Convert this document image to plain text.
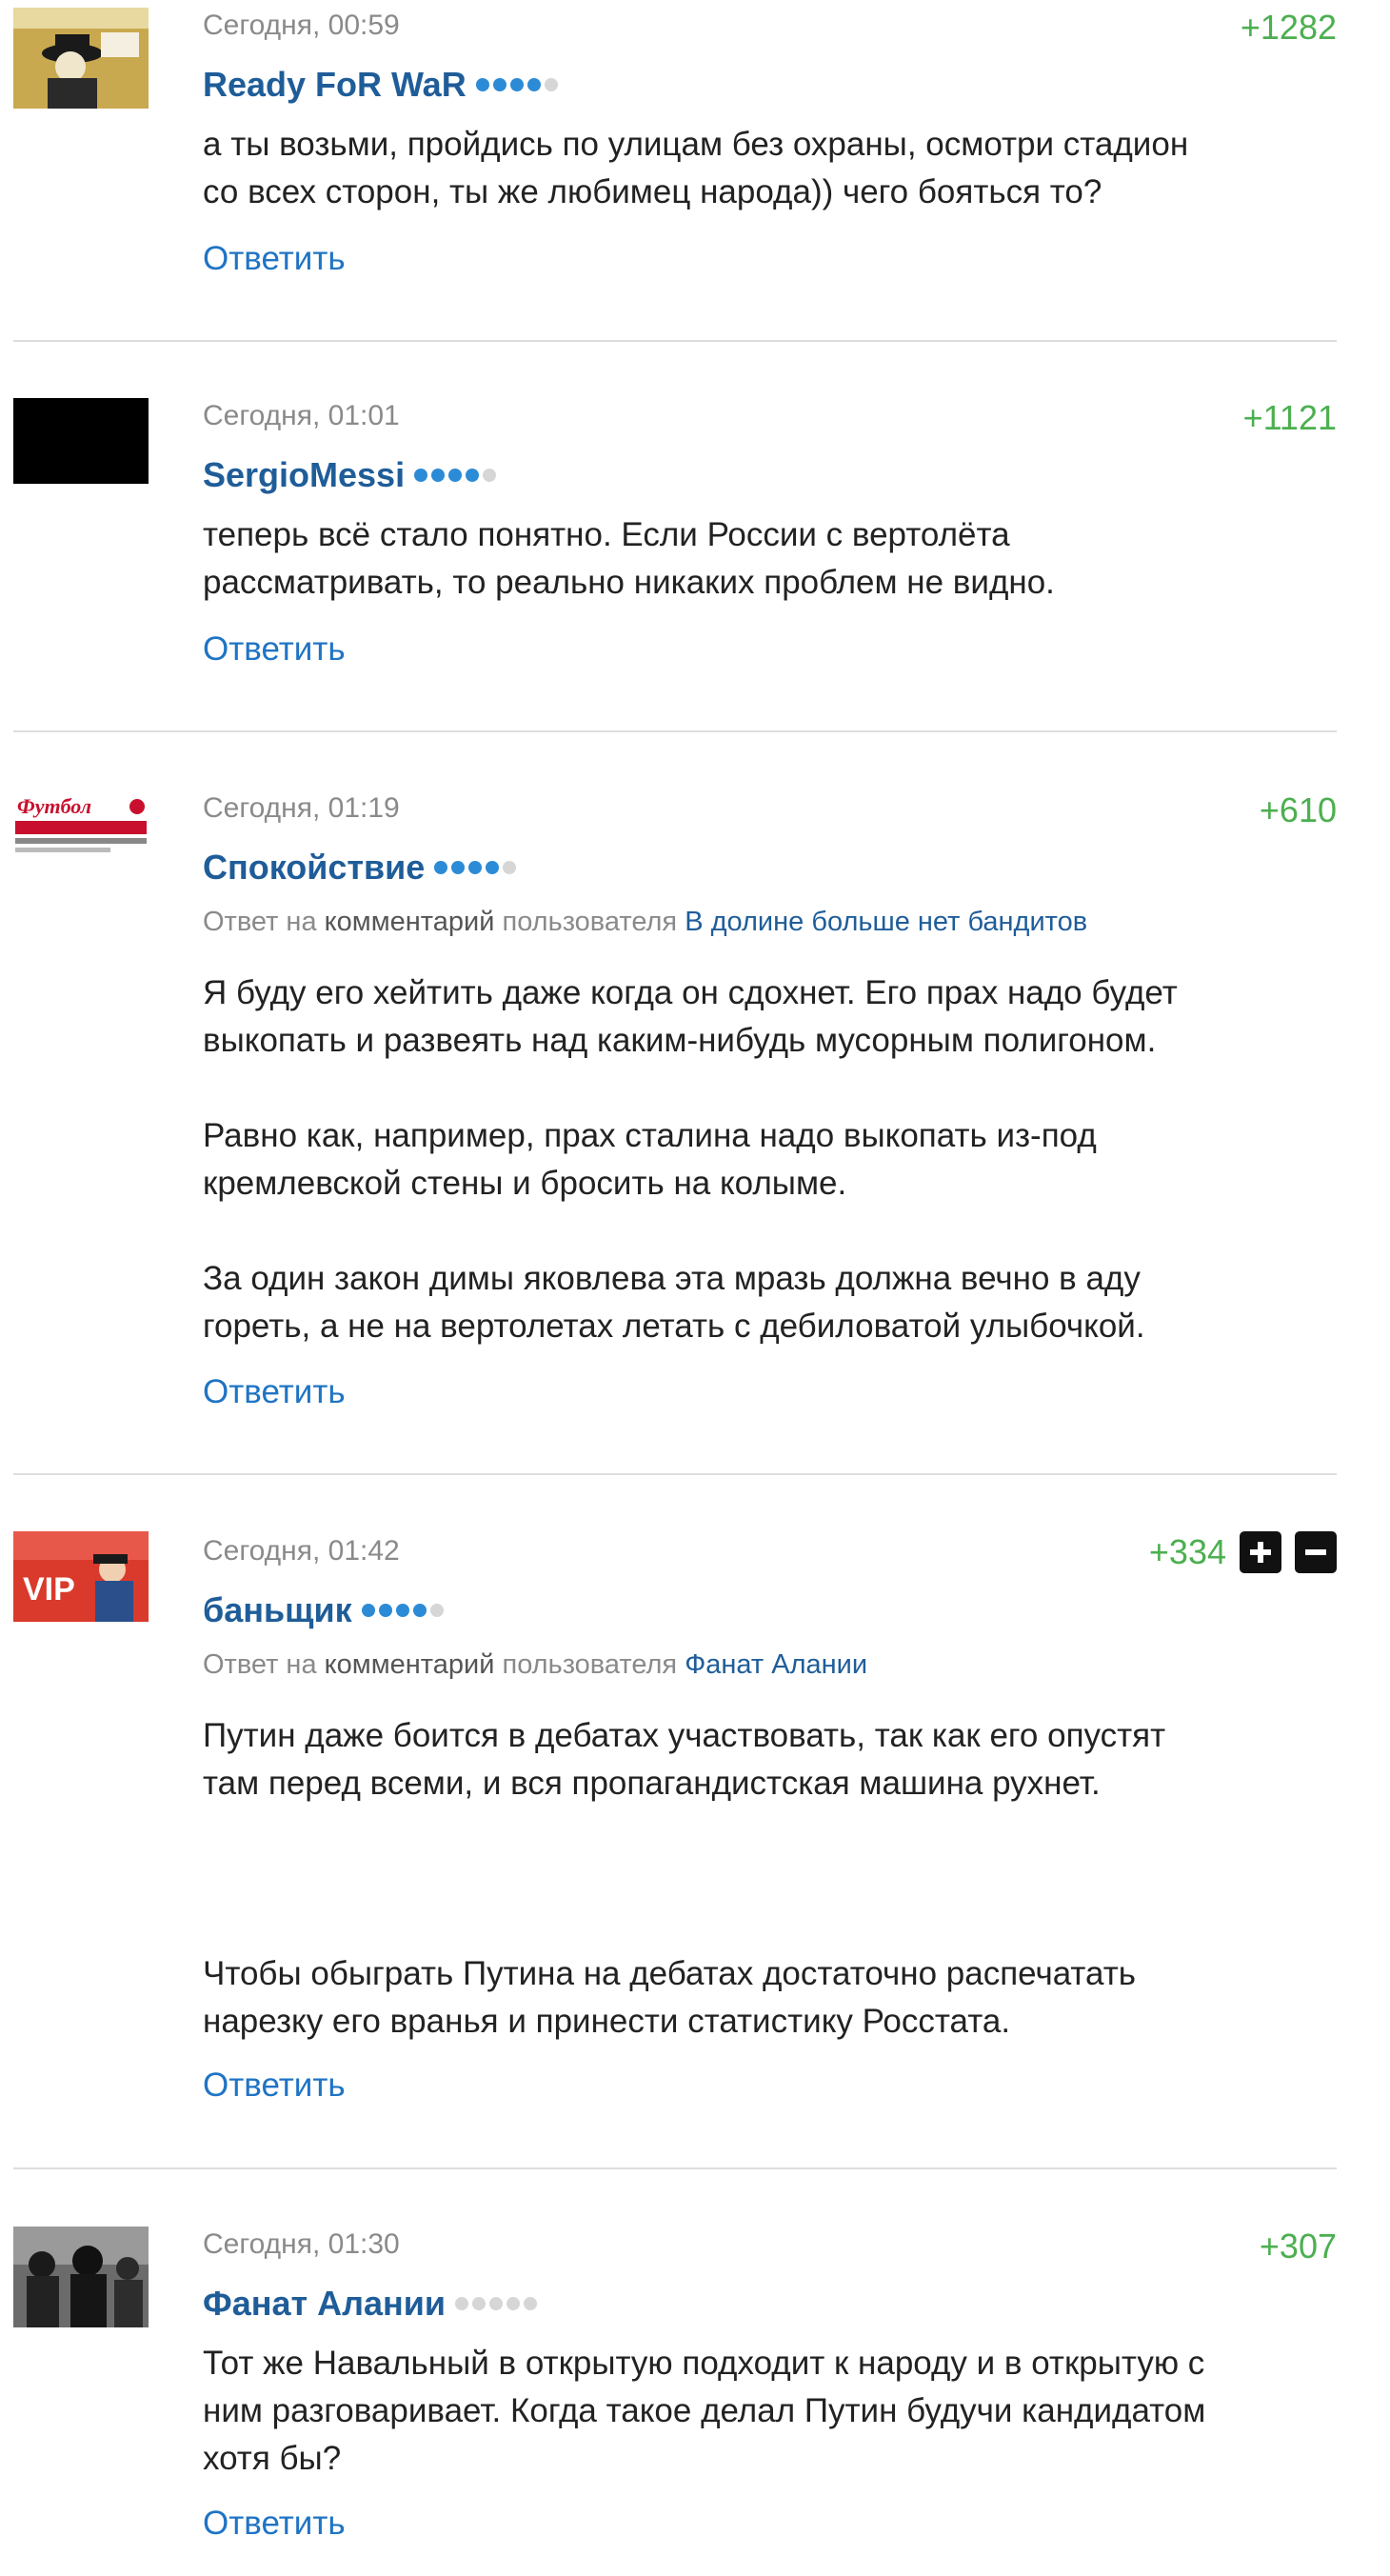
Сегодня, 00:59	+1282
Ready FoR WaR
а ты возьми, пройдись по улицам без охраны, осмотри стадион
со всех сторон, ты же любимец народа)) чего бояться то?
Ответить
Сегодня, 01:01	+1121
SergioMessi
теперь всё стало понятно. Если России с вертолёта
рассматривать, то реально никаких проблем не видно.
Ответить
Футбол	Сегодня, 01:19	+610
Спокойствие
Ответ на комментарий пользователя В долине больше нет бандитов
Я буду его хейтить даже когда он сдохнет. Его прах надо будет
выкопать и развеять над каким-нибудь мусорным полигоном.

Равно как, например, прах сталина надо выкопать из-под
кремлевской стены и бросить на колыме.

За один закон димы яковлева эта мразь должна вечно в аду
гореть, а не на вертолетах летать с дебиловатой улыбочкой.
Ответить
VIP
Сегодня, 01:42	+334
баньщик
Ответ на комментарий пользователя Фанат Алании
Путин даже боится в дебатах участвовать, так как его опустят
там перед всеми, и вся пропагандистская машина рухнет.

Чтобы обыграть Путина на дебатах достаточно распечатать
нарезку его вранья и принести статистику Росстата.
Ответить
Сегодня, 01:30	+307
Фанат Алании
Тот же Навальный в открытую подходит к народу и в открытую с
ним разговаривает. Когда такое делал Путин будучи кандидатом
хотя бы?
Ответить
